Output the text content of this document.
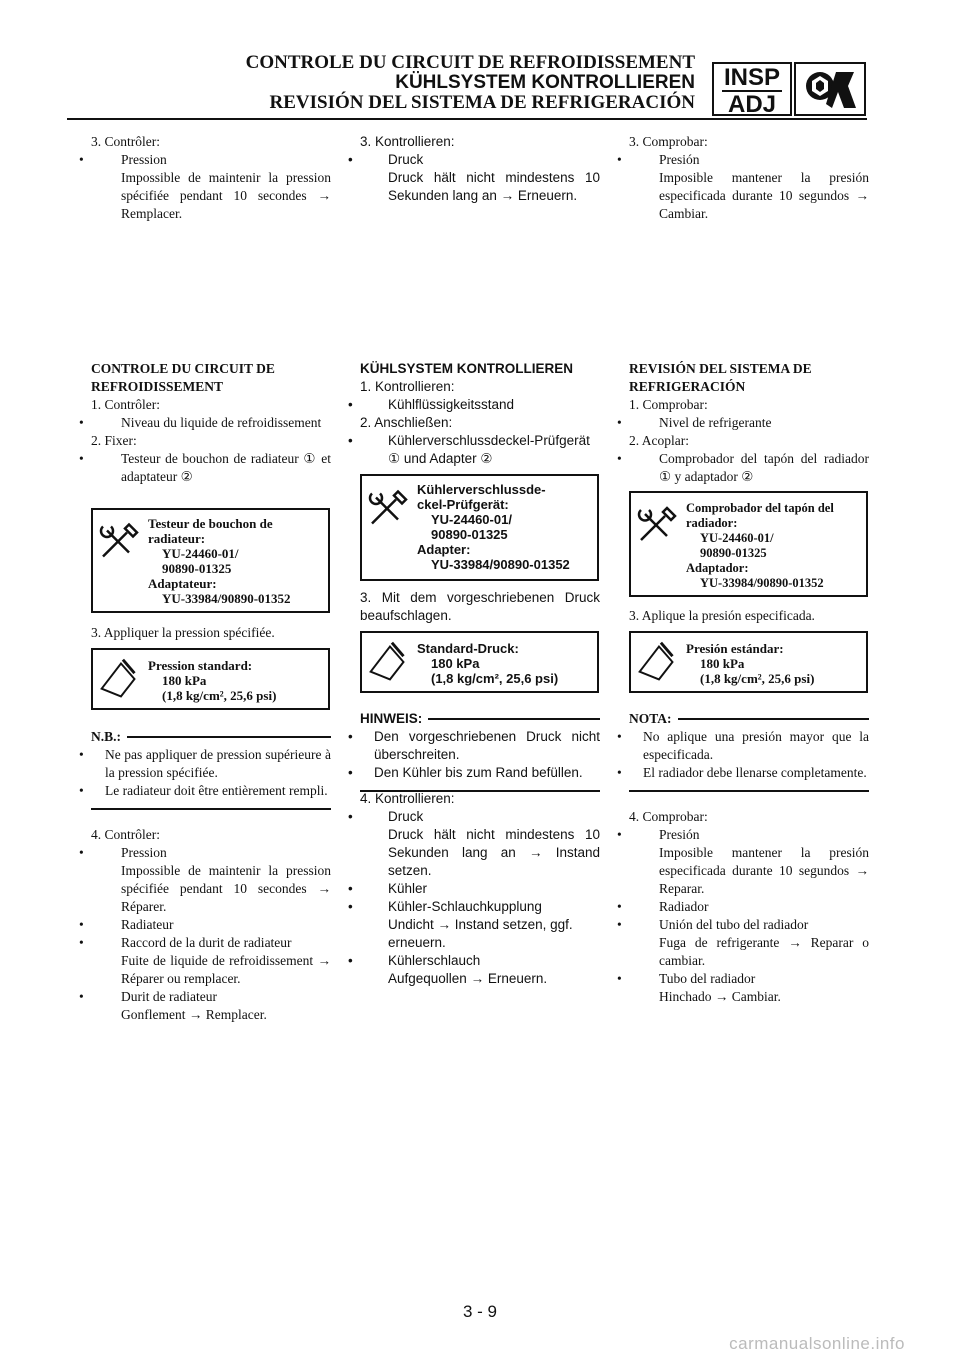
CONTROLE DU CIRCUIT DE REFROIDISSEMENT
KÜHLSYSTEM KONTROLLIEREN
REVISIÓN DEL SISTEMA DE REFRIGERACIÓN
INSP
ADJ

3. Contrôler:

• Pression

Impossible de maintenir la pression spécifiée pendant 10 secondes → Remplacer.

3. Kontrollieren:

• Druck

Druck hält nicht mindestens 10 Sekunden lang an → Erneuern.

3. Comprobar:

• Presión

Imposible mantener la presión especificada durante 10 segundos → Cambiar.

CONTROLE DU CIRCUIT DE

REFROIDISSEMENT

1. Contrôler:

• Niveau du liquide de refroidissement

2. Fixer:

• Testeur de bouchon de radiateur ① et adaptateur ②

Testeur de bouchon de
radiateur:
YU-24460-01/
90890-01325
Adaptateur:
YU-33984/90890-01352

3. Appliquer la pression spécifiée.

Pression standard:
180 kPa
(1,8 kg/cm², 25,6 psi)
N.B.:

• Ne pas appliquer de pression supérieure à la pression spécifiée.

• Le radiateur doit être entièrement rempli.

4. Contrôler:

• Pression

Impossible de maintenir la pression spécifiée pendant 10 secondes → Réparer.

• Radiateur

• Raccord de la durit de radiateur

Fuite de liquide de refroidissement → Réparer ou remplacer.

• Durit de radiateur

Gonflement → Remplacer.

KÜHLSYSTEM KONTROLLIEREN

1. Kontrollieren:

• Kühlflüssigkeitsstand

2. Anschließen:

• Kühlerverschlussdeckel-Prüfgerät ① und Adapter ②

Kühlerverschlussde-
ckel-Prüfgerät:
YU-24460-01/
90890-01325
Adapter:
YU-33984/90890-01352

3. Mit dem vorgeschriebenen Druck beaufschlagen.

Standard-Druck:
180 kPa
(1,8 kg/cm², 25,6 psi)
HINWEIS:

• Den vorgeschriebenen Druck nicht überschreiten.

• Den Kühler bis zum Rand befüllen.

4. Kontrollieren:

• Druck

Druck hält nicht mindestens 10 Sekunden lang an → Instand setzen.

• Kühler

• Kühler-Schlauchkupplung

Undicht → Instand setzen, ggf. erneuern.

• Kühlerschlauch

Aufgequollen → Erneuern.

REVISIÓN DEL SISTEMA DE

REFRIGERACIÓN

1. Comprobar:

• Nivel de refrigerante

2. Acoplar:

• Comprobador del tapón del radiador ① y adaptador ②

Comprobador del tapón del
radiador:
YU-24460-01/
90890-01325
Adaptador:
YU-33984/90890-01352

3. Aplique la presión especificada.

Presión estándar:
180 kPa
(1,8 kg/cm², 25,6 psi)
NOTA:

• No aplique una presión mayor que la especificada.

• El radiador debe llenarse completamente.

4. Comprobar:

• Presión

Imposible mantener la presión especificada durante 10 segundos → Reparar.

• Radiador

• Unión del tubo del radiador

Fuga de refrigerante → Reparar o cambiar.

• Tubo del radiador

Hinchado → Cambiar.

3 - 9
carmanualsonline.info
